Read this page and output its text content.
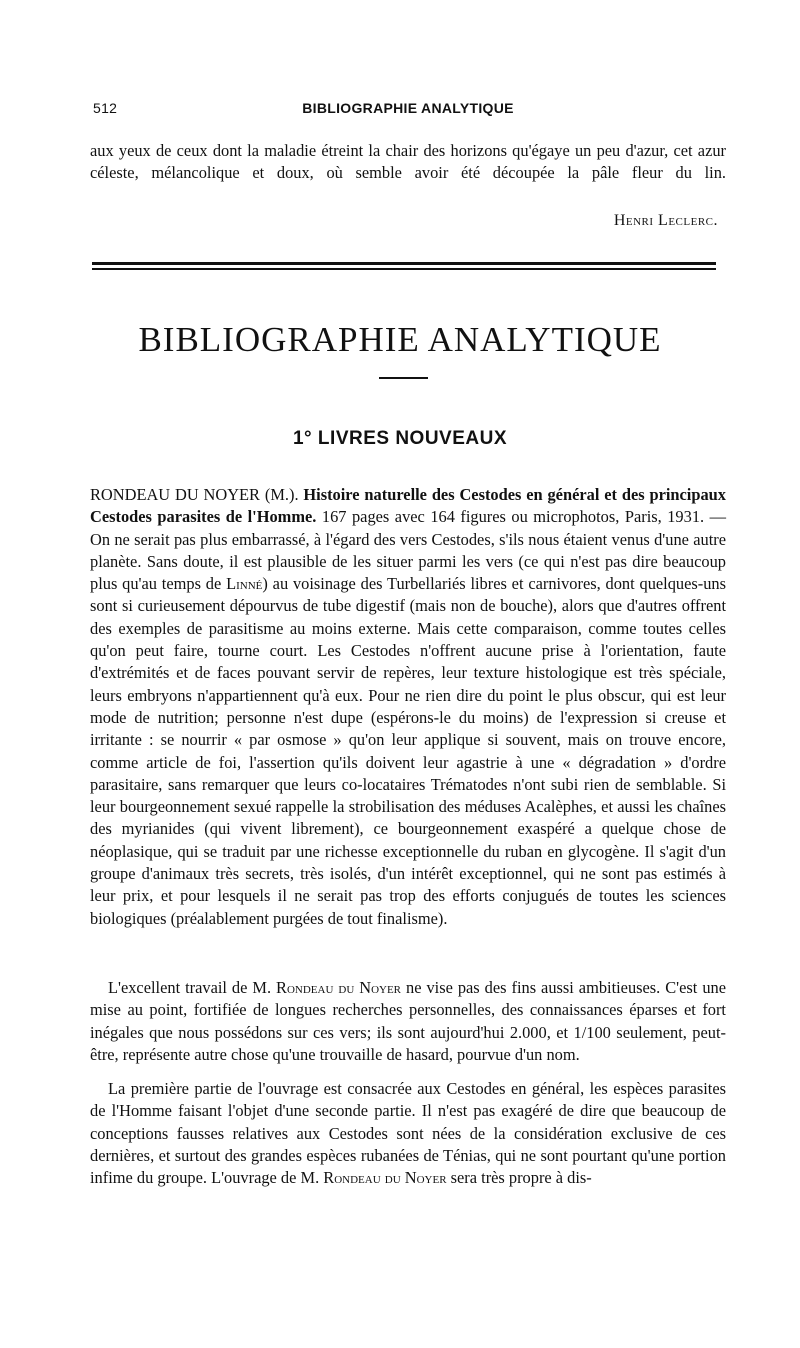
512	BIBLIOGRAPHIE ANALYTIQUE

aux yeux de ceux dont la maladie étreint la chair des horizons qu'égaye un peu d'azur, cet azur céleste, mélancolique et doux, où semble avoir été découpée la pâle fleur du lin.

Henri Leclerc.
BIBLIOGRAPHIE ANALYTIQUE
1° LIVRES NOUVEAUX

RONDEAU DU NOYER (M.). Histoire naturelle des Cestodes en général et des principaux Cestodes parasites de l'Homme. 167 pages avec 164 figures ou microphotos, Paris, 1931. — On ne serait pas plus embarrassé, à l'égard des vers Cestodes, s'ils nous étaient venus d'une autre planète. Sans doute, il est plausible de les situer parmi les vers (ce qui n'est pas dire beaucoup plus qu'au temps de Linné) au voisinage des Turbellariés libres et carnivores, dont quelques-uns sont si curieusement dépourvus de tube digestif (mais non de bouche), alors que d'autres offrent des exemples de parasitisme au moins externe. Mais cette comparaison, comme toutes celles qu'on peut faire, tourne court. Les Cestodes n'offrent aucune prise à l'orientation, faute d'extrémités et de faces pouvant servir de repères, leur texture histologique est très spéciale, leurs embryons n'appartiennent qu'à eux. Pour ne rien dire du point le plus obscur, qui est leur mode de nutrition; personne n'est dupe (espérons-le du moins) de l'expression si creuse et irritante : se nourrir « par osmose » qu'on leur applique si souvent, mais on trouve encore, comme article de foi, l'assertion qu'ils doivent leur agastrie à une « dégradation » d'ordre parasitaire, sans remarquer que leurs co-locataires Trématodes n'ont subi rien de semblable. Si leur bourgeonnement sexué rappelle la strobilisation des méduses Acalèphes, et aussi les chaînes des myrianides (qui vivent librement), ce bourgeonnement exaspéré a quelque chose de néoplasique, qui se traduit par une richesse exceptionnelle du ruban en glycogène. Il s'agit d'un groupe d'animaux très secrets, très isolés, d'un intérêt exceptionnel, qui ne sont pas estimés à leur prix, et pour lesquels il ne serait pas trop des efforts conjugués de toutes les sciences biologiques (préalablement purgées de tout finalisme).

L'excellent travail de M. Rondeau du Noyer ne vise pas des fins aussi ambitieuses. C'est une mise au point, fortifiée de longues recherches personnelles, des connaissances éparses et fort inégales que nous possédons sur ces vers; ils sont aujourd'hui 2.000, et 1/100 seulement, peut-être, représente autre chose qu'une trouvaille de hasard, pourvue d'un nom.

La première partie de l'ouvrage est consacrée aux Cestodes en général, les espèces parasites de l'Homme faisant l'objet d'une seconde partie. Il n'est pas exagéré de dire que beaucoup de conceptions fausses relatives aux Cestodes sont nées de la considération exclusive de ces dernières, et surtout des grandes espèces rubanées de Ténias, qui ne sont pourtant qu'une portion infime du groupe. L'ouvrage de M. Rondeau du Noyer sera très propre à dis-
